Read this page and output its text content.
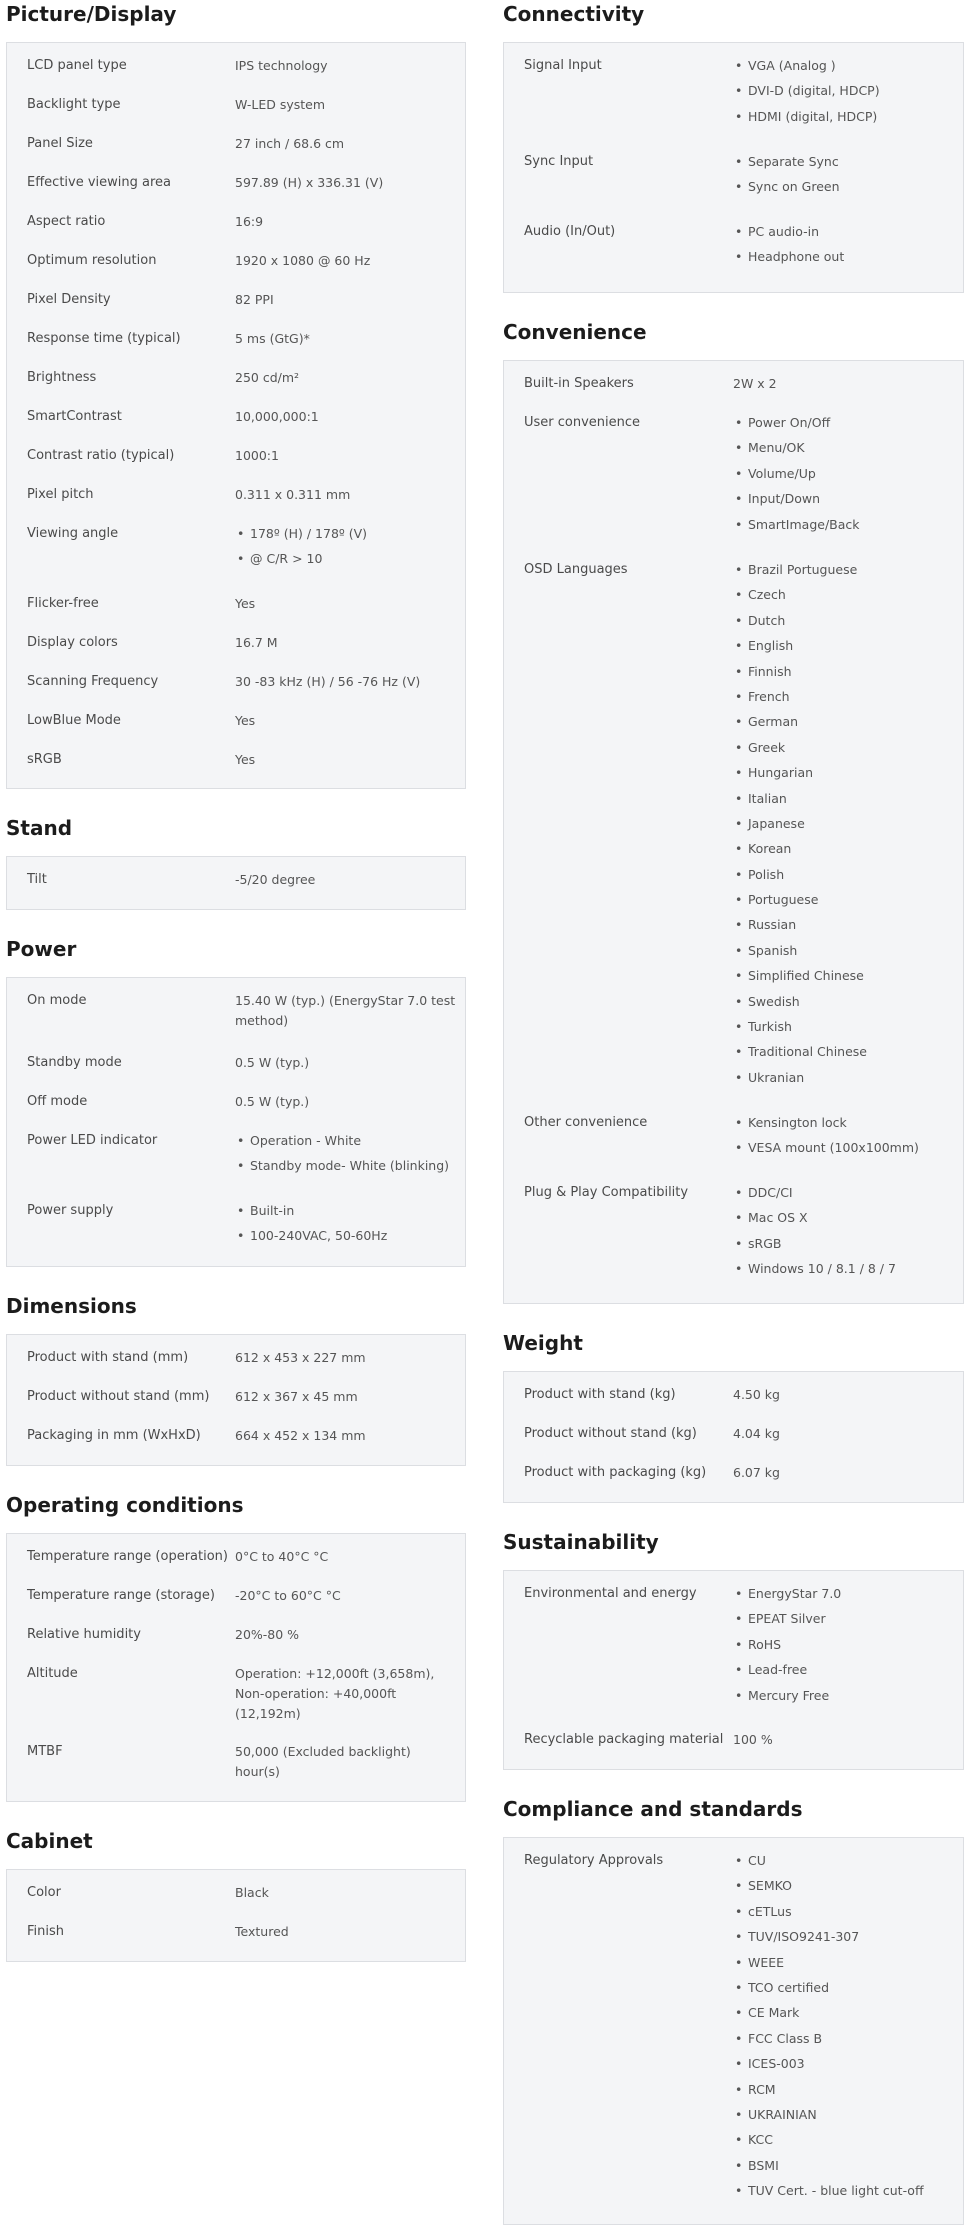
Picture/Display
LCD panel type	IPS technology
Backlight type	W-LED system
Panel Size	27 inch / 68.6 cm
Effective viewing area	597.89 (H) x 336.31 (V)
Aspect ratio	16:9
Optimum resolution	1920 x 1080 @ 60 Hz
Pixel Density	82 PPI
Response time (typical)	5 ms (GtG)*
Brightness	250 cd/m²
SmartContrast	10,000,000:1
Contrast ratio (typical)	1000:1
Pixel pitch	0.311 x 0.311 mm
Viewing angle	• 178º (H) / 178º (V)
• @ C/R > 10
Flicker-free	Yes
Display colors	16.7 M
Scanning Frequency	30 -83 kHz (H) / 56 -76 Hz (V)
LowBlue Mode	Yes
sRGB	Yes
Stand
Tilt	-5/20 degree
Power
On mode	15.40 W (typ.) (EnergyStar 7.0 test method)
Standby mode	0.5 W (typ.)
Off mode	0.5 W (typ.)
Power LED indicator	• Operation - White
• Standby mode- White (blinking)
Power supply	• Built-in
• 100-240VAC, 50-60Hz
Dimensions
Product with stand (mm)	612 x 453 x 227 mm
Product without stand (mm) 612 x 367 x 45 mm
Packaging in mm (WxHxD)	664 x 452 x 134 mm
Operating conditions
Temperature range (operation) 0°C to 40°C °C
Temperature range (storage) -20°C to 60°C °C
Relative humidity	20%-80 %
Altitude	Operation: +12,000ft (3,658m), Non-operation: +40,000ft (12,192m)
MTBF	50,000 (Excluded backlight) hour(s)
Cabinet
Color	Black
Finish	Textured
Connectivity
Signal Input	• VGA (Analog )
• DVI-D (digital, HDCP)
• HDMI (digital, HDCP)
Sync Input	• Separate Sync
• Sync on Green
Audio (In/Out)	• PC audio-in
• Headphone out
Convenience
Built-in Speakers	2W x 2
User convenience	• Power On/Off
• Menu/OK
• Volume/Up
• Input/Down
• SmartImage/Back
OSD Languages	• Brazil Portuguese
• Czech
• Dutch
• English
• Finnish
• French
• German
• Greek
• Hungarian
• Italian
• Japanese
• Korean
• Polish
• Portuguese
• Russian
• Spanish
• Simplified Chinese
• Swedish
• Turkish
• Traditional Chinese
• Ukranian
Other convenience	• Kensington lock
• VESA mount (100x100mm)
Plug & Play Compatibility	• DDC/CI
• Mac OS X
• sRGB
• Windows 10 / 8.1 / 8 / 7
Weight
Product with stand (kg)	4.50 kg
Product without stand (kg)	4.04 kg
Product with packaging (kg) 6.07 kg
Sustainability
Environmental and energy	• EnergyStar 7.0
• EPEAT Silver
• RoHS
• Lead-free
• Mercury Free
Recyclable packaging material 100 %
Compliance and standards
Regulatory Approvals	• CU
• SEMKO
• cETLus
• TUV/ISO9241-307
• WEEE
• TCO certified
• CE Mark
• FCC Class B
• ICES-003
• RCM
• UKRAINIAN
• KCC
• BSMI
• TUV Cert. - blue light cut-off
